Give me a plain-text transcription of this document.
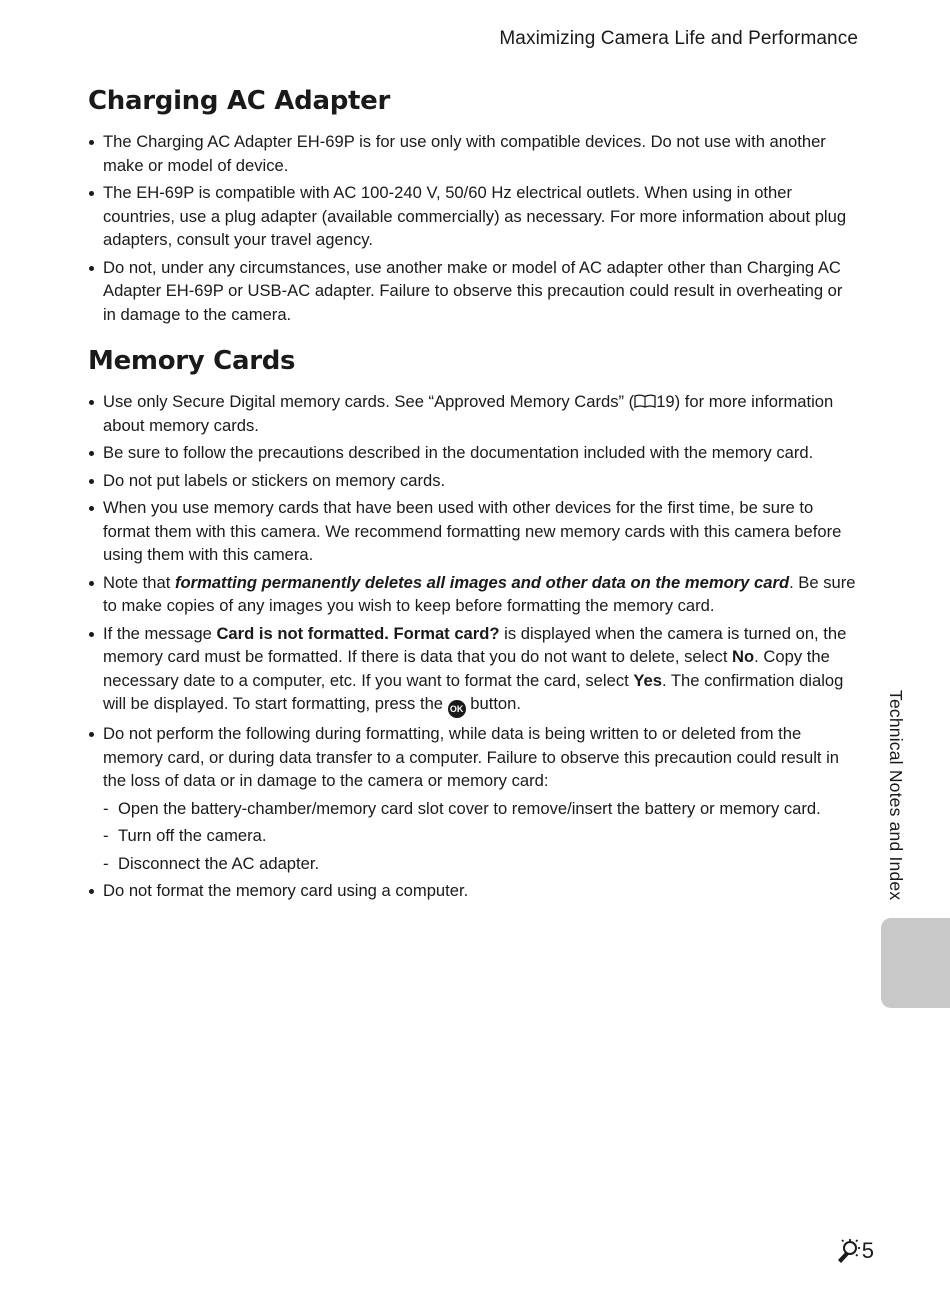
Maximizing Camera Life and Performance
Charging AC Adapter
The Charging AC Adapter EH-69P is for use only with compatible devices. Do not use with another make or model of device.
The EH-69P is compatible with AC 100-240 V, 50/60 Hz electrical outlets. When using in other countries, use a plug adapter (available commercially) as necessary. For more information about plug adapters, consult your travel agency.
Do not, under any circumstances, use another make or model of AC adapter other than Charging AC Adapter EH-69P or USB-AC adapter. Failure to observe this precaution could result in overheating or in damage to the camera.
Memory Cards
Use only Secure Digital memory cards. See “Approved Memory Cards” ( 19) for more information about memory cards.
Be sure to follow the precautions described in the documentation included with the memory card.
Do not put labels or stickers on memory cards.
When you use memory cards that have been used with other devices for the first time, be sure to format them with this camera. We recommend formatting new memory cards with this camera before using them with this camera.
Note that formatting permanently deletes all images and other data on the memory card. Be sure to make copies of any images you wish to keep before formatting the memory card.
If the message Card is not formatted. Format card? is displayed when the camera is turned on, the memory card must be formatted. If there is data that you do not want to delete, select No. Copy the necessary date to a computer, etc. If you want to format the card, select Yes. The confirmation dialog will be displayed. To start formatting, press the OK button.
Do not perform the following during formatting, while data is being written to or deleted from the memory card, or during data transfer to a computer. Failure to observe this precaution could result in the loss of data or in damage to the camera or memory card:
- Open the battery-chamber/memory card slot cover to remove/insert the battery or memory card.
- Turn off the camera.
- Disconnect the AC adapter.
Do not format the memory card using a computer.	Technical Notes and Index
5
